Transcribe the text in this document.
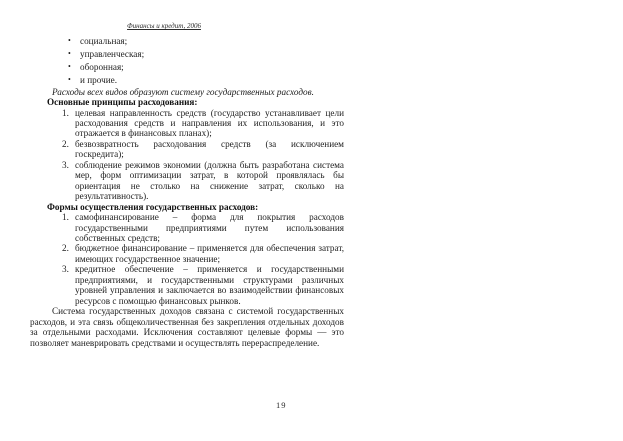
Финансы и кредит, 2006
• социальная;
• управленческая;
• оборонная;
• и прочие.

Расходы всех видов образуют систему государственных расходов.

Основные принципы расходования:

1. целевая направленность средств (государство устанавливает цели расходования средств и направления их использования, и это отражается в финансовых планах);
2. безвозвратность расходования средств (за исключением госкредита);
3. соблюдение режимов экономии (должна быть разработана система мер, форм оптимизации затрат, в которой проявлялась бы ориентация не столько на снижение затрат, сколько на результативность).

Формы осуществления государственных расходов:

1. самофинансирование – форма для покрытия расходов государственными предприятиями путем использования собственных средств;
2. бюджетное финансирование – применяется для обеспечения затрат, имеющих государственное значение;
3. кредитное обеспечение – применяется и государственными предприятиями, и государственными структурами различных уровней управления и заключается во взаимодействии финансовых ресурсов с помощью финансовых рынков.

Система государственных доходов связана с системой государственных расходов, и эта связь общеколичественная без закрепления отдельных доходов за отдельными расходами. Исключения составляют целевые формы — это позволяет маневрировать средствами и осуществлять перераспределение.

19
